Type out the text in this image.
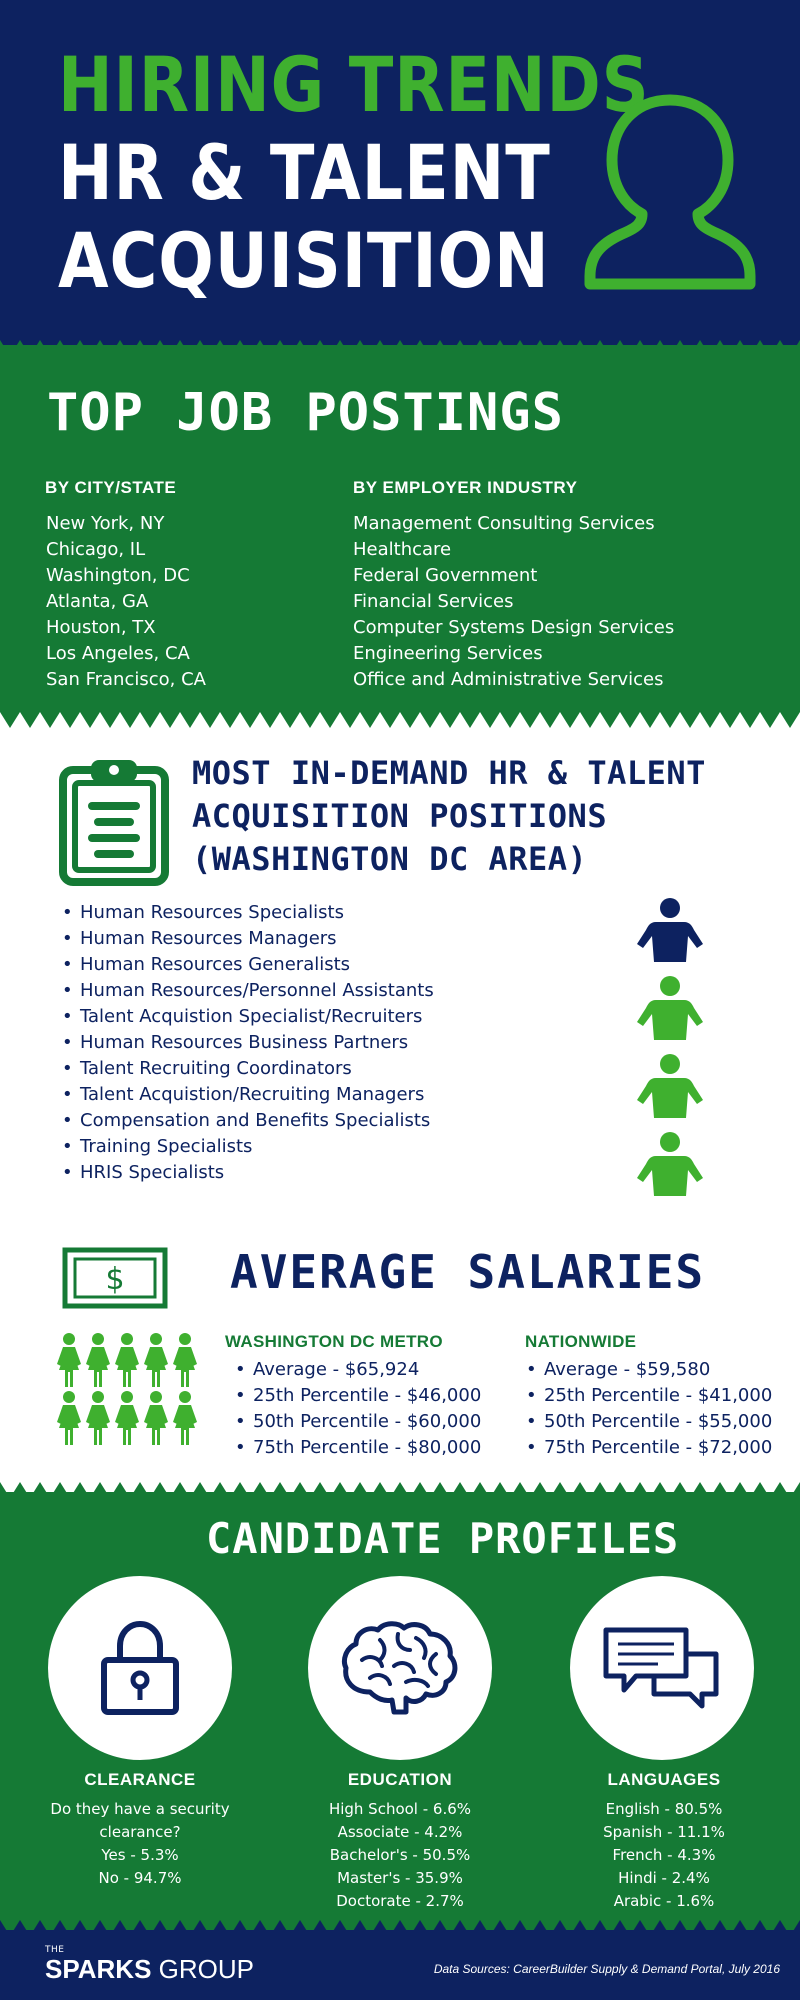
HIRING TRENDS
HR & TALENT
ACQUISITION
TOP JOB POSTINGS
BY CITY/STATE
New York, NY
Chicago, IL
Washington, DC
Atlanta, GA
Houston, TX
Los Angeles, CA
San Francisco, CA
BY EMPLOYER INDUSTRY
Management Consulting Services
Healthcare
Federal Government
Financial Services
Computer Systems Design Services
Engineering Services
Office and Administrative Services
MOST IN-DEMAND HR & TALENT
ACQUISITION POSITIONS
(WASHINGTON DC AREA)
• Human Resources Specialists
• Human Resources Managers
• Human Resources Generalists
• Human Resources/Personnel Assistants
• Talent Acquistion Specialist/Recruiters
• Human Resources Business Partners
• Talent Recruiting Coordinators
• Talent Acquistion/Recruiting Managers
• Compensation and Benefits Specialists
• Training Specialists
• HRIS Specialists
$ AVERAGE SALARIES
WASHINGTON DC METRO
• Average - $65,924
• 25th Percentile - $46,000
• 50th Percentile - $60,000
• 75th Percentile - $80,000
NATIONWIDE
• Average - $59,580
• 25th Percentile - $41,000
• 50th Percentile - $55,000
• 75th Percentile - $72,000
CANDIDATE PROFILES
CLEARANCE
Do they have a security
clearance?
Yes - 5.3%
No - 94.7%
EDUCATION
High School - 6.6%
Associate - 4.2%
Bachelor's - 50.5%
Master's - 35.9%
Doctorate - 2.7%
LANGUAGES
English - 80.5%
Spanish - 11.1%
French - 4.3%
Hindi - 2.4%
Arabic - 1.6%
THE
SPARKS GROUP	Data Sources: CareerBuilder Supply & Demand Portal, July 2016
